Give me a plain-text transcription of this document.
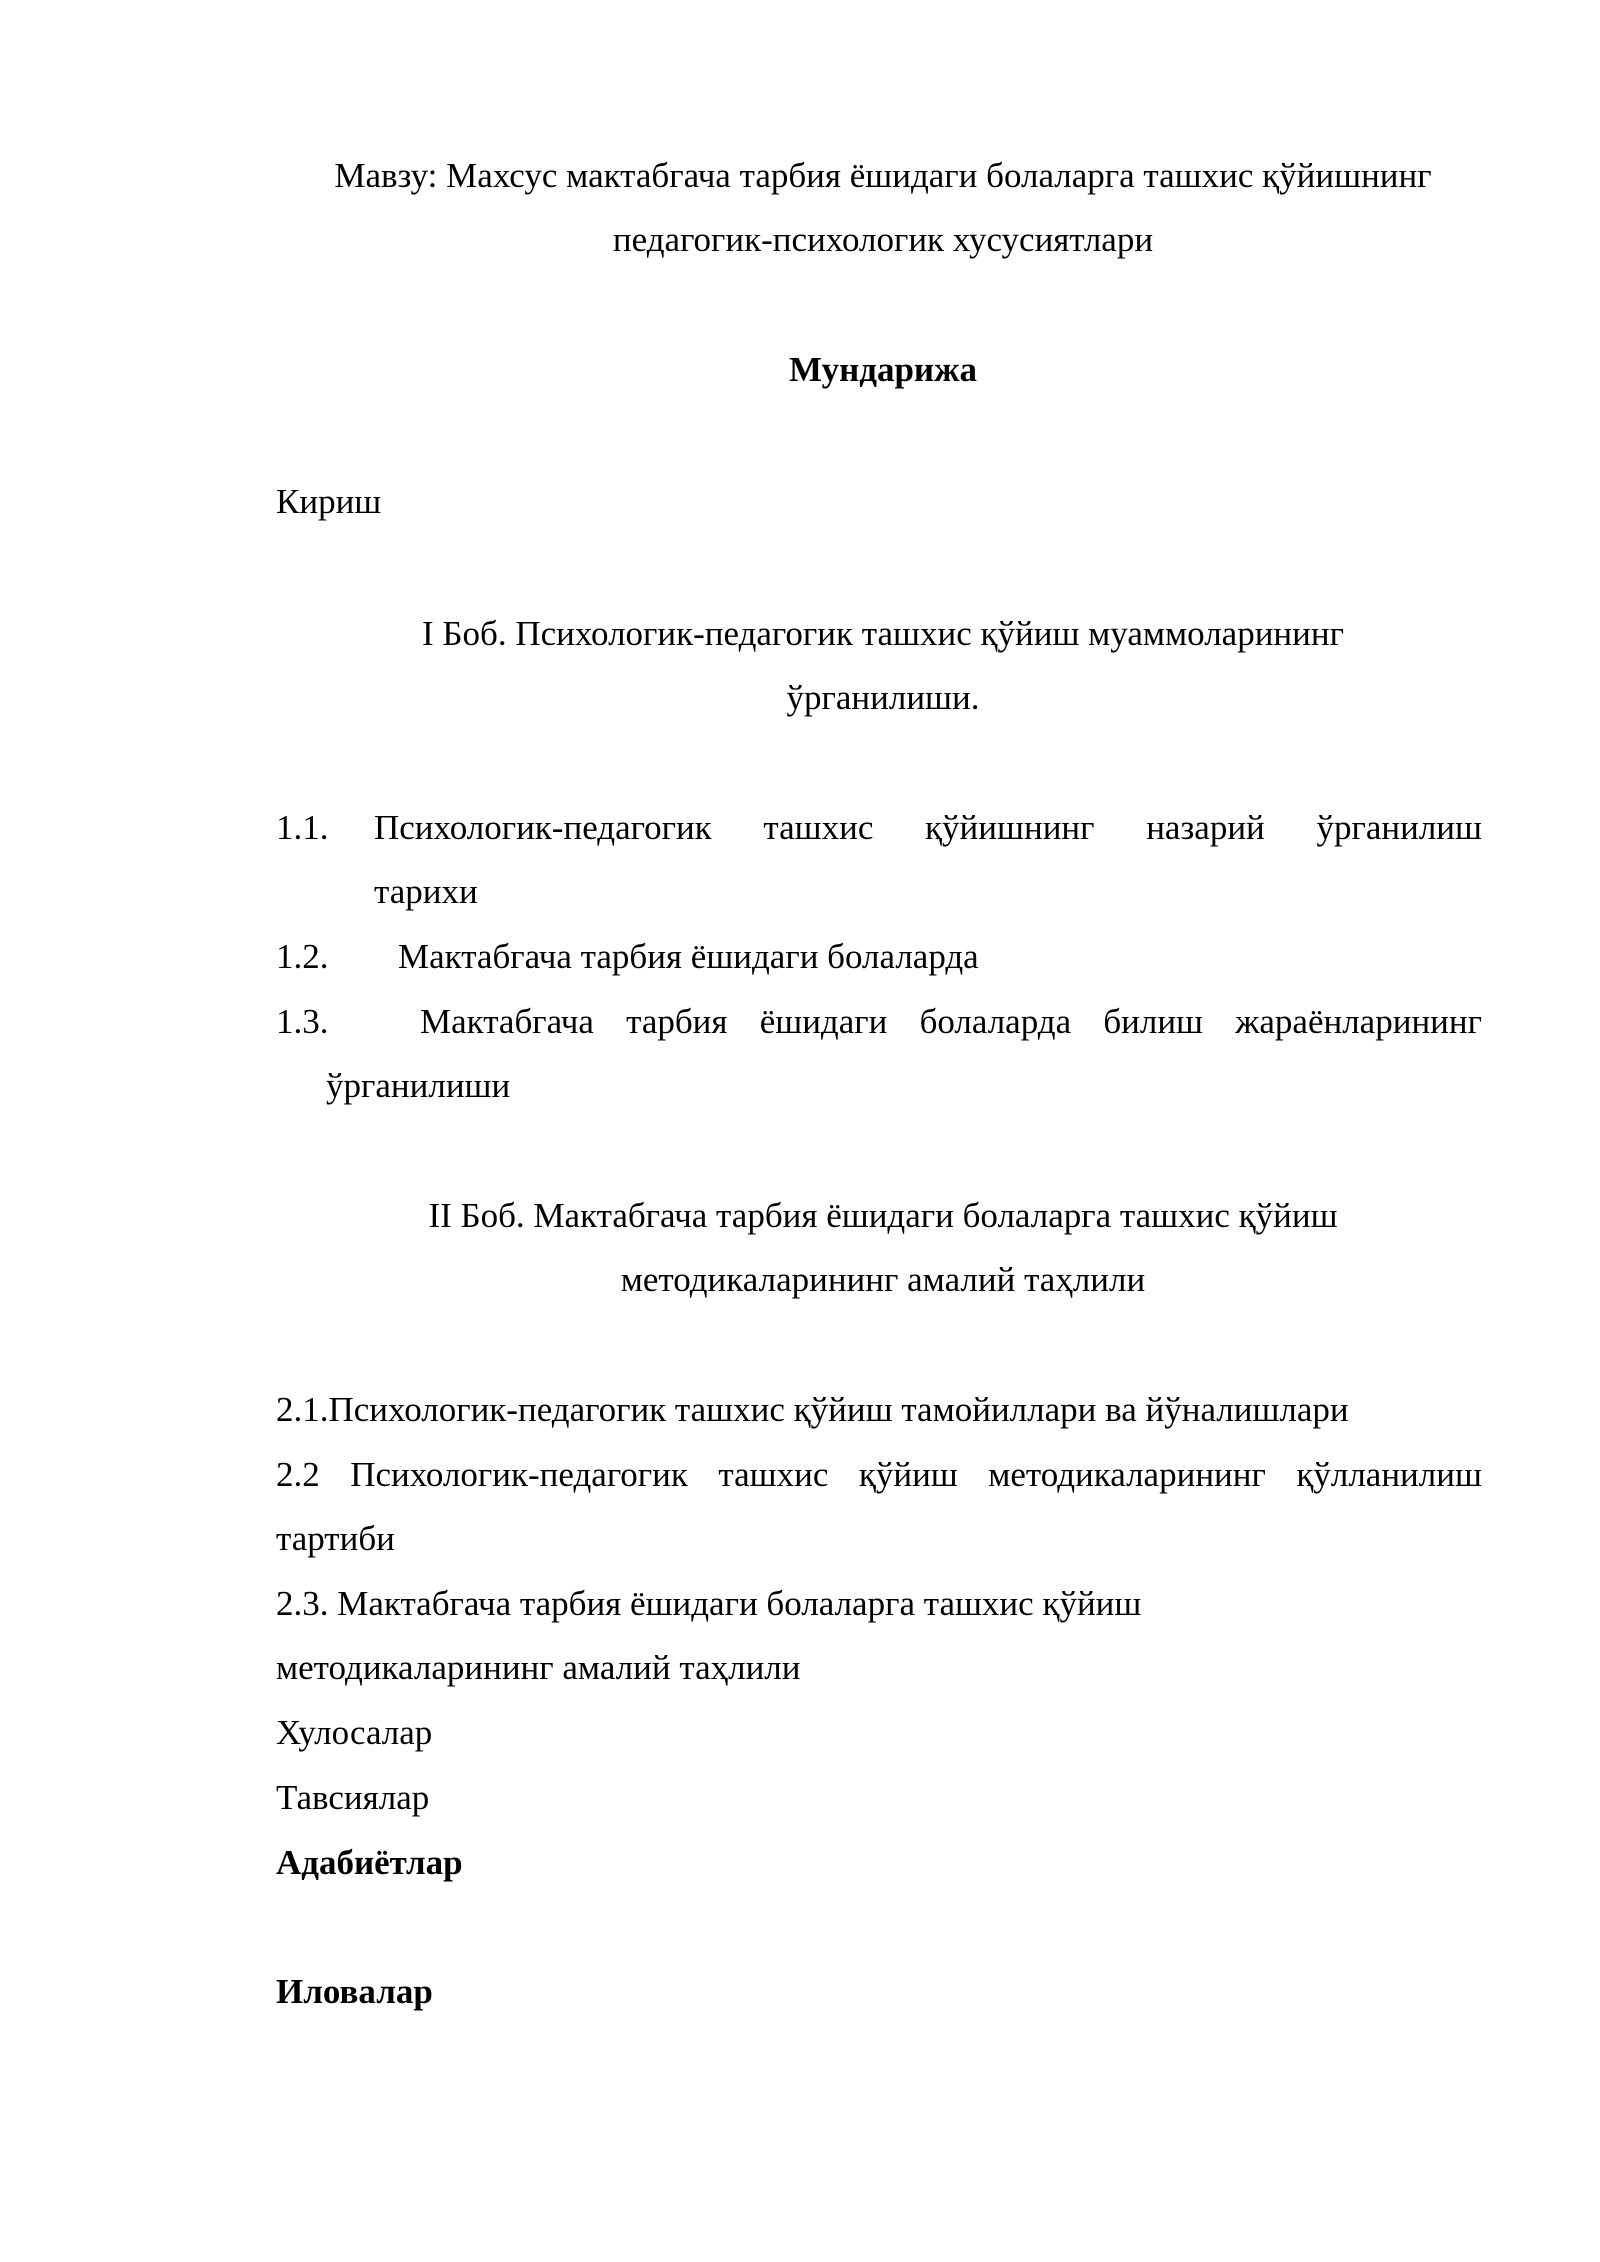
Мавзу: Махсус мактабгача тарбия ёшидаги болаларга ташхис қўйишнинг
педагогик-психологик хусусиятлари
Мундарижа
Кириш
I Боб. Психологик-педагогик ташхис қўйиш муаммоларининг
ўрганилиши.
1.1. Психологик-педагогик ташхис қўйишнинг назарий ўрганилиш
тарихи
1.2. Мактабгача тарбия ёшидаги болаларда
1.3.	Мактабгача тарбия ёшидаги болаларда билиш жараёнларининг
ўрганилиши
II Боб. Мактабгача тарбия ёшидаги болаларга ташхис қўйиш
методикаларининг амалий таҳлили
2.1.Психологик-педагогик ташхис қўйиш тамойиллари ва йўналишлари
2.2 Психологик-педагогик ташхис қўйиш методикаларининг қўлланилиш
тартиби
2.3. Мактабгача тарбия ёшидаги болаларга ташхис қўйиш
методикаларининг амалий таҳлили
Хулосалар
Тавсиялар
Адабиётлар
Иловалар
